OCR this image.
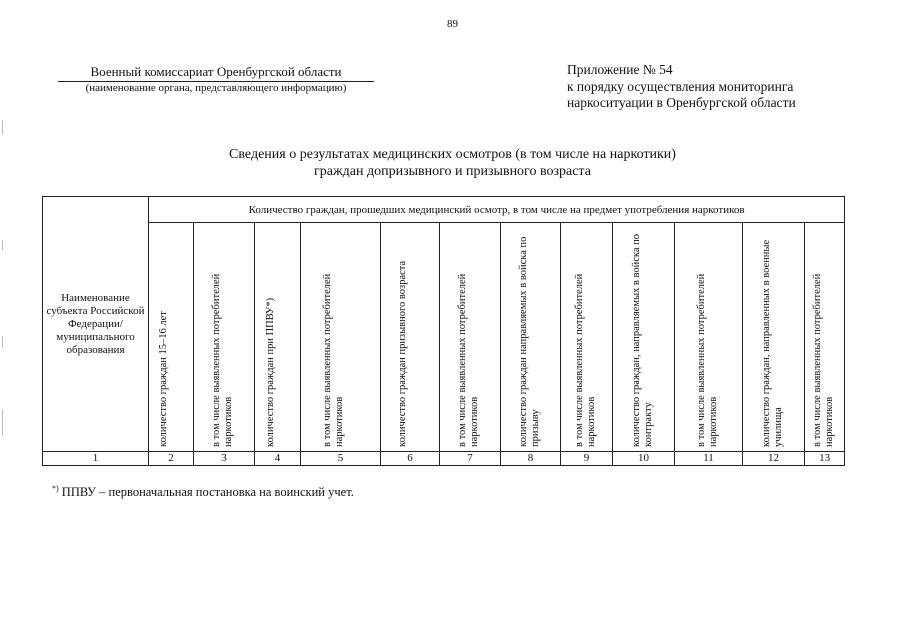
89
Военный комиссариат Оренбургской области
(наименование органа, представляющего информацию)
Приложение № 54
к порядку осуществления мониторинга
наркоситуации в Оренбургской области
Сведения о результатах медицинских осмотров (в том числе на наркотики)
граждан допризывного и призывного возраста
Наименование субъекта Российской Федерации/ муниципального образования	Количество граждан, прошедших медицинский осмотр, в том числе на предмет употребления наркотиков											

	количество граждан 15–16 лет	в том числе выявленных потребителей наркотиков	количество граждан при ППВУ*)	в том числе выявленных потребителей наркотиков	количество граждан призывного возраста	в том числе выявленных потребителей наркотиков	количество граждан направляемых в войска по призыву	в том числе выявленных потребителей наркотиков	количество граждан, направляемых в войска по контракту	в том числе выявленных потребителей наркотиков	количество граждан, направленных в военные училища	в том числе выявленных потребителей наркотиков

1	2	3	4	5	6	7	8	9	10	11	12	13
*) ППВУ – первоначальная постановка на воинский учет.
